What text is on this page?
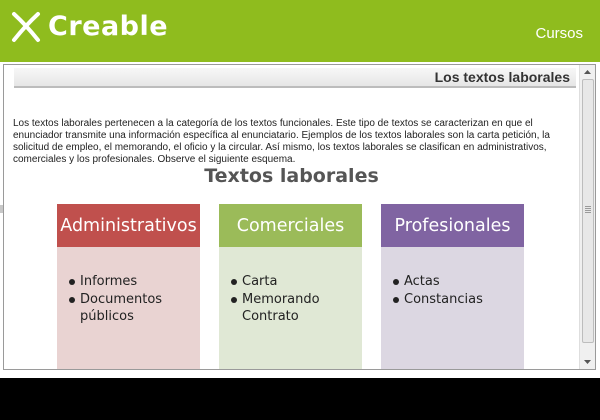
Creable	Cursos
Los textos laborales

Los textos laborales pertenecen a la categoría de los textos funcionales. Este tipo de textos se caracterizan en que el enunciador transmite una información específica al enunciatario. Ejemplos de los textos laborales son la carta petición, la solicitud de empleo, el memorando, el oficio y la circular. Así mismo, los textos laborales se clasifican en administrativos, comerciales y los profesionales. Observe el siguiente esquema.

Textos laborales
Administrativos
Informes
Documentos
públicos
Comerciales
Carta
Memorando
Contrato
Profesionales
Actas
Constancias
